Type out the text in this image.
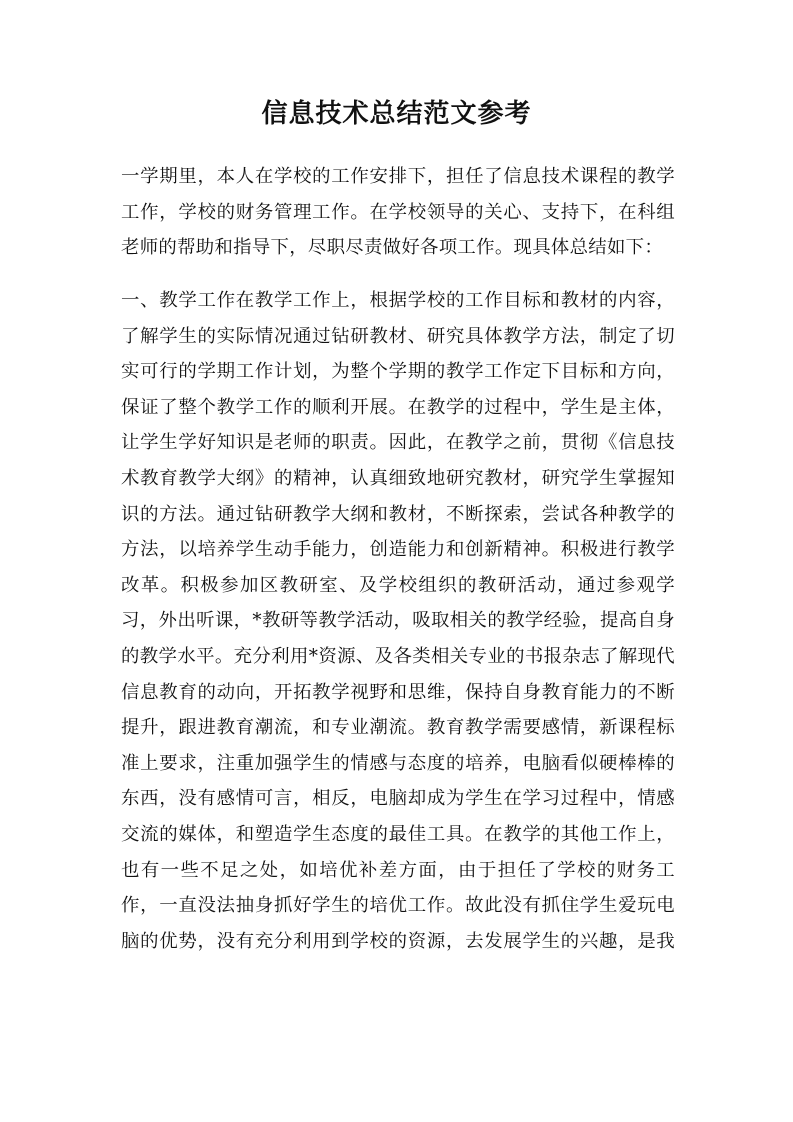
信息技术总结范文参考
一学期里，本人在学校的工作安排下，担任了信息技术课程的教学
工作，学校的财务管理工作。在学校领导的关心、支持下，在科组
老师的帮助和指导下，尽职尽责做好各项工作。现具体总结如下：
一、教学工作在教学工作上，根据学校的工作目标和教材的内容，
了解学生的实际情况通过钻研教材、研究具体教学方法，制定了切
实可行的学期工作计划，为整个学期的教学工作定下目标和方向，
保证了整个教学工作的顺利开展。在教学的过程中，学生是主体，
让学生学好知识是老师的职责。因此，在教学之前，贯彻《信息技
术教育教学大纲》的精神，认真细致地研究教材，研究学生掌握知
识的方法。通过钻研教学大纲和教材，不断探索，尝试各种教学的
方法，以培养学生动手能力，创造能力和创新精神。积极进行教学
改革。积极参加区教研室、及学校组织的教研活动，通过参观学
习，外出听课，*教研等教学活动，吸取相关的教学经验，提高自身
的教学水平。充分利用*资源、及各类相关专业的书报杂志了解现代
信息教育的动向，开拓教学视野和思维，保持自身教育能力的不断
提升，跟进教育潮流，和专业潮流。教育教学需要感情，新课程标
准上要求，注重加强学生的情感与态度的培养，电脑看似硬棒棒的
东西，没有感情可言，相反，电脑却成为学生在学习过程中，情感
交流的媒体，和塑造学生态度的最佳工具。在教学的其他工作上，
也有一些不足之处，如培优补差方面，由于担任了学校的财务工
作，一直没法抽身抓好学生的培优工作。故此没有抓住学生爱玩电
脑的优势，没有充分利用到学校的资源，去发展学生的兴趣，是我
